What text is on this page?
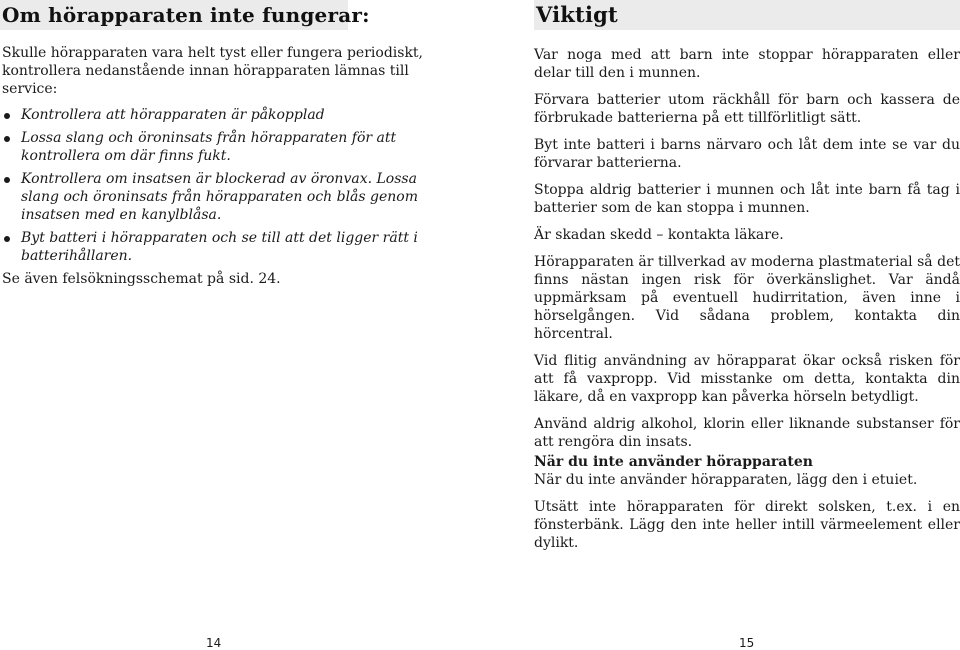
Om hörapparaten inte fungerar:

Skulle hörapparaten vara helt tyst eller fungera periodiskt, kontrollera nedanstående innan hörapparaten lämnas till service:

Kontrollera att hörapparaten är påkopplad
Lossa slang och öroninsats från hörapparaten för att kontrollera om där finns fukt.
Kontrollera om insatsen är blockerad av öronvax. Lossa slang och öroninsats från hörapparaten och blås genom insatsen med en kanylblåsa.
Byt batteri i hörapparaten och se till att det ligger rätt i batterihållaren.

Se även felsökningsschemat på sid. 24.

14
Viktigt

Var noga med att barn inte stoppar hörapparaten eller delar till den i munnen.

Förvara batterier utom räckhåll för barn och kassera de förbrukade batterierna på ett tillförlitligt sätt.

Byt inte batteri i barns närvaro och låt dem inte se var du förvarar batterierna.

Stoppa aldrig batterier i munnen och låt inte barn få tag i batterier som de kan stoppa i munnen.

Är skadan skedd – kontakta läkare.

Hörapparaten är tillverkad av moderna plastmaterial så det finns nästan ingen risk för överkänslighet. Var ändå uppmärksam på eventuell hudirritation, även inne i hörselgången. Vid sådana problem, kontakta din hörcentral.

Vid flitig användning av hörapparat ökar också risken för att få vaxpropp. Vid misstanke om detta, kontakta din läkare, då en vaxpropp kan påverka hörseln betydligt.

Använd aldrig alkohol, klorin eller liknande substanser för att rengöra din insats.

När du inte använder hörapparaten

När du inte använder hörapparaten, lägg den i etuiet.

Utsätt inte hörapparaten för direkt solsken, t.ex. i en fönsterbänk. Lägg den inte heller intill värmeelement eller dylikt.

15
